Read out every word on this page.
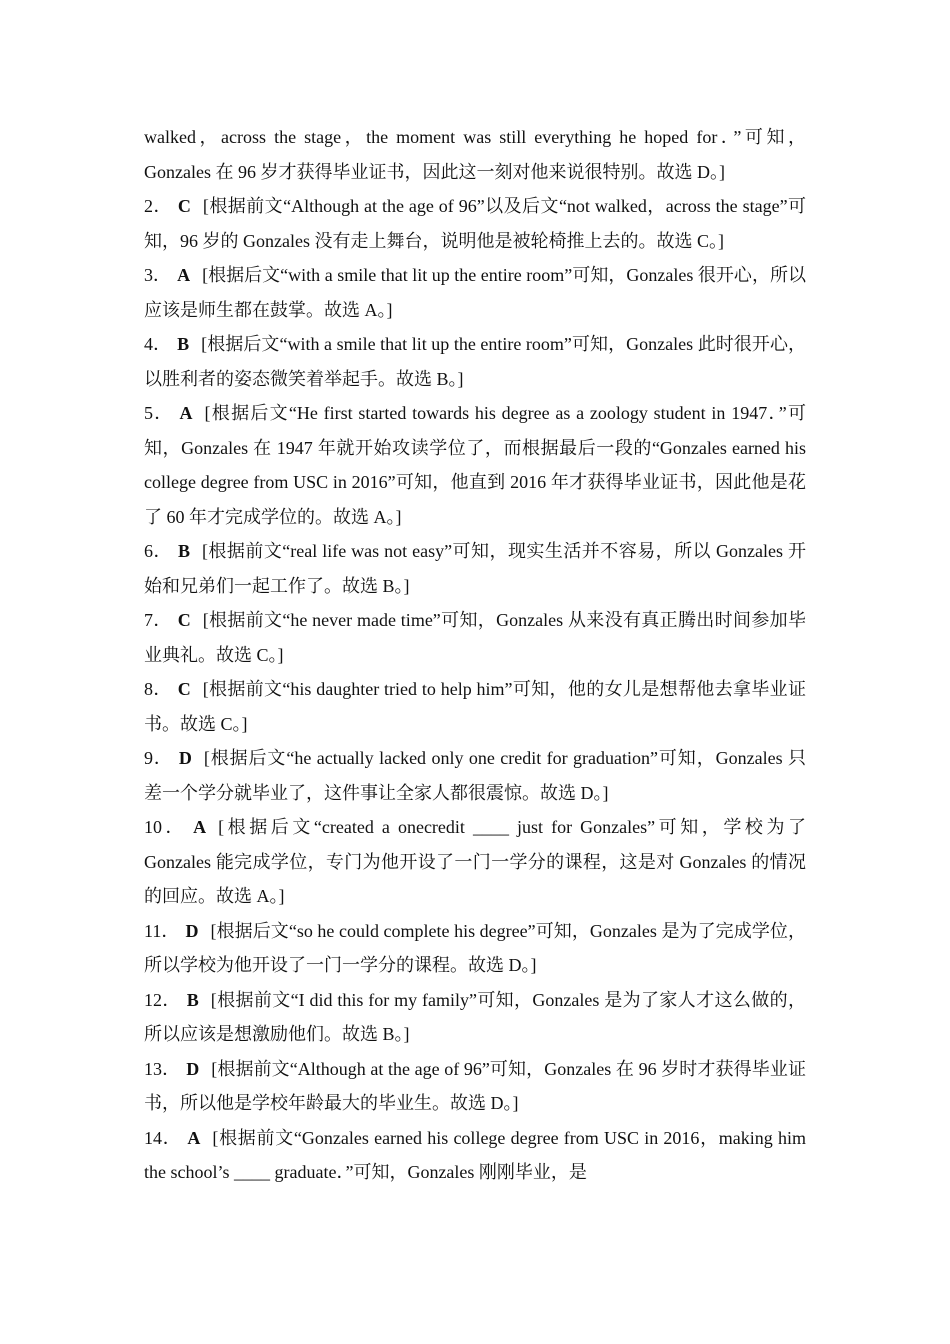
walked，across the stage，the moment was still everything he hoped for．”可知，Gonzales 在 96 岁才获得毕业证书，因此这一刻对他来说很特别。故选 D。]

2． C [根据前文“Although at the age of 96”以及后文“not walked，across the stage”可知，96 岁的 Gonzales 没有走上舞台，说明他是被轮椅推上去的。故选 C。]

3． A [根据后文“with a smile that lit up the entire room”可知，Gonzales 很开心，所以应该是师生都在鼓掌。故选 A。]

4． B [根据后文“with a smile that lit up the entire room”可知，Gonzales 此时很开心，以胜利者的姿态微笑着举起手。故选 B。]

5． A [根据后文“He first started towards his degree as a zoology student in 1947．”可知，Gonzales 在 1947 年就开始攻读学位了，而根据最后一段的“Gonzales earned his college degree from USC in 2016”可知，他直到 2016 年才获得毕业证书，因此他是花了 60 年才完成学位的。故选 A。]

6． B [根据前文“real life was not easy”可知，现实生活并不容易，所以 Gonzales 开始和兄弟们一起工作了。故选 B。]

7． C [根据前文“he never made time”可知，Gonzales 从来没有真正腾出时间参加毕业典礼。故选 C。]

8． C [根据前文“his daughter tried to help him”可知，他的女儿是想帮他去拿毕业证书。故选 C。]

9． D [根据后文“he actually lacked only one credit for graduation”可知，Gonzales 只差一个学分就毕业了，这件事让全家人都很震惊。故选 D。]

10． A [根据后文“created a onecredit ____ just for Gonzales”可知，学校为了 Gonzales 能完成学位，专门为他开设了一门一学分的课程，这是对 Gonzales 的情况的回应。故选 A。]

11． D [根据后文“so he could complete his degree”可知，Gonzales 是为了完成学位，所以学校为他开设了一门一学分的课程。故选 D。]

12． B [根据前文“I did this for my family”可知，Gonzales 是为了家人才这么做的，所以应该是想激励他们。故选 B。]

13． D [根据前文“Although at the age of 96”可知，Gonzales 在 96 岁时才获得毕业证书，所以他是学校年龄最大的毕业生。故选 D。]

14． A [根据前文“Gonzales earned his college degree from USC in 2016，making him the school’s ____ graduate．”可知，Gonzales 刚刚毕业，是
